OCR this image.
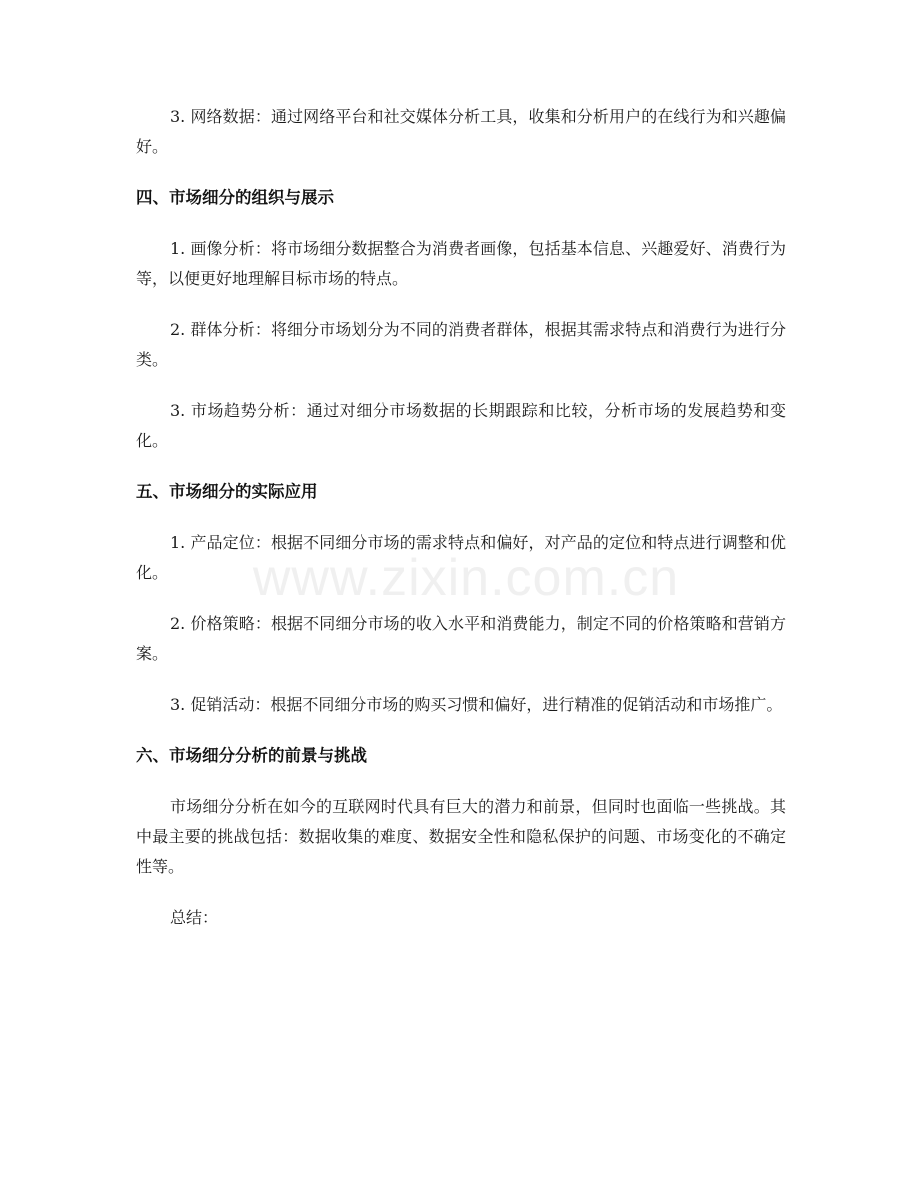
3. 网络数据：通过网络平台和社交媒体分析工具，收集和分析用户的在线行为和兴趣偏好。

四、市场细分的组织与展示

1. 画像分析：将市场细分数据整合为消费者画像，包括基本信息、兴趣爱好、消费行为等，以便更好地理解目标市场的特点。

2. 群体分析：将细分市场划分为不同的消费者群体，根据其需求特点和消费行为进行分类。

3. 市场趋势分析：通过对细分市场数据的长期跟踪和比较，分析市场的发展趋势和变化。

五、市场细分的实际应用

1. 产品定位：根据不同细分市场的需求特点和偏好，对产品的定位和特点进行调整和优化。

2. 价格策略：根据不同细分市场的收入水平和消费能力，制定不同的价格策略和营销方案。

3. 促销活动：根据不同细分市场的购买习惯和偏好，进行精准的促销活动和市场推广。

六、市场细分分析的前景与挑战

市场细分分析在如今的互联网时代具有巨大的潜力和前景，但同时也面临一些挑战。其中最主要的挑战包括：数据收集的难度、数据安全性和隐私保护的问题、市场变化的不确定性等。

总结：

www.zixin.com.cn
